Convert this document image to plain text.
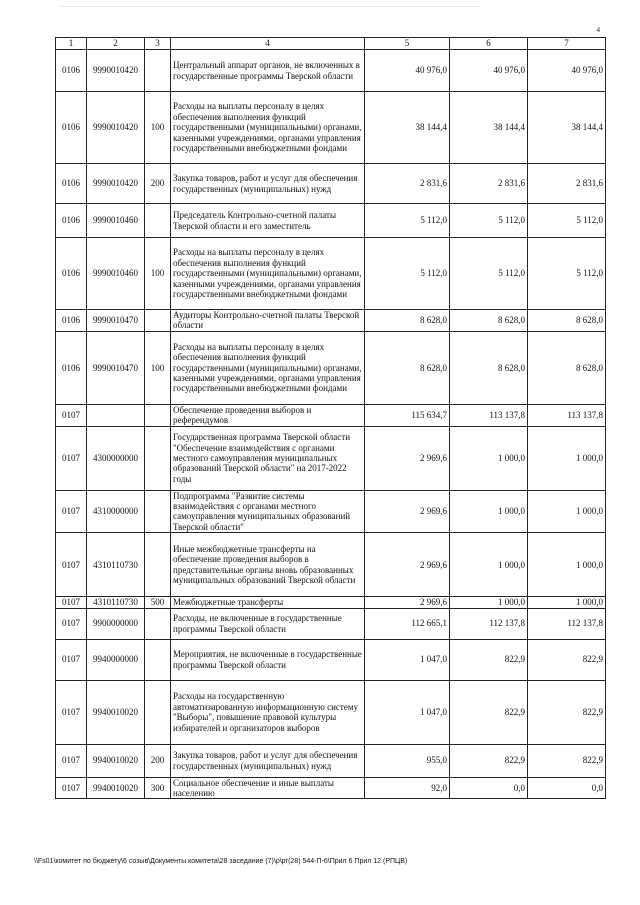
4
1	2	3	4	5	6	7
0106	9990010420		Центральный аппарат органов, не включенных в государственные программы Тверской области	40 976,0	40 976,0	40 976,0
0106	9990010420	100	Расходы на выплаты персоналу в целях обеспечения выполнения функций государственными (муниципальными) органами, казенными учреждениями, органами управления государственными внебюджетными фондами	38 144,4	38 144,4	38 144,4
0106	9990010420	200	Закупка товаров, работ и услуг для обеспечения государственных (муниципальных) нужд	2 831,6	2 831,6	2 831,6
0106	9990010460		Председатель Контрольно-счетной палаты Тверской области и его заместитель	5 112,0	5 112,0	5 112,0
0106	9990010460	100	Расходы на выплаты персоналу в целях обеспечения выполнения функций государственными (муниципальными) органами, казенными учреждениями, органами управления государственными внебюджетными фондами	5 112,0	5 112,0	5 112,0
0106	9990010470		Аудиторы Контрольно-счетной палаты Тверской области	8 628,0	8 628,0	8 628,0
0106	9990010470	100	Расходы на выплаты персоналу в целях обеспечения выполнения функций государственными (муниципальными) органами, казенными учреждениями, органами управления государственными внебюджетными фондами	8 628,0	8 628,0	8 628,0
0107			Обеспечение проведения выборов и референдумов	115 634,7	113 137,8	113 137,8
0107	4300000000		Государственная программа Тверской области "Обеспечение взаимодействия с органами местного самоуправления муниципальных образований Тверской области" на 2017-2022 годы	2 969,6	1 000,0	1 000,0
0107	4310000000		Подпрограмма "Развитие системы взаимодействия с органами местного самоуправления муниципальных образований Тверской области"	2 969,6	1 000,0	1 000,0
0107	4310110730		Иные межбюджетные трансферты на обеспечение проведения выборов в представительные органы вновь образованных муниципальных образований Тверской области	2 969,6	1 000,0	1 000,0
0107	4310110730	500	Межбюджетные трансферты	2 969,6	1 000,0	1 000,0
0107	9900000000		Расходы, не включенные в государственные программы Тверской области	112 665,1	112 137,8	112 137,8
0107	9940000000		Мероприятия, не включенные в государственные программы Тверской области	1 047,0	822,9	822,9
0107	9940010020		Расходы на государственную автоматизированную информационную систему "Выборы", повышение правовой культуры избирателей и организаторов выборов	1 047,0	822,9	822,9
0107	9940010020	200	Закупка товаров, работ и услуг для обеспечения государственных (муниципальных) нужд	955,0	822,9	822,9
0107	9940010020	300	Социальное обеспечение и иные выплаты населению	92,0	0,0	0,0
\\Fs01\комитет по бюджету\6 созыв\Документы комитета\28 заседание (7)\р\рг(28) 544-П-6\Прил 6 Прил 12 (РПЦВ)
